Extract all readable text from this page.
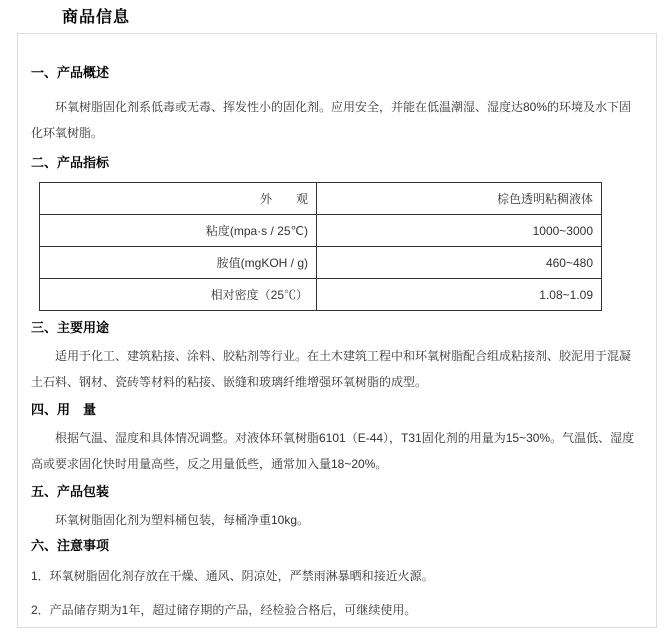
商品信息
一、产品概述

环氧树脂固化剂系低毒或无毒、挥发性小的固化剂。应用安全，并能在低温潮湿、湿度达80%的环境及水下固化环氧树脂。

二、产品指标
外　　观	棕色透明粘稠液体
粘度(mpa·s / 25℃)	1000~3000
胺值(mgKOH / g)	460~480
相对密度（25℃）	1.08~1.09
三、主要用途

适用于化工、建筑粘接、涂料、胶粘剂等行业。在土木建筑工程中和环氧树脂配合组成粘接剂、胶泥用于混凝土石料、钢材、瓷砖等材料的粘接、嵌缝和玻璃纤维增强环氧树脂的成型。

四、用　量

根据气温、湿度和具体情况调整。对液体环氧树脂6101（E-44），T31固化剂的用量为15~30%。气温低、湿度高或要求固化快时用量高些，反之用量低些，通常加入量18~20%。

五、产品包装

环氧树脂固化剂为塑料桶包装，每桶净重10kg。

六、注意事项

1．环氧树脂固化剂存放在干燥、通风、阴凉处，严禁雨淋暴晒和接近火源。

2．产品储存期为1年，超过储存期的产品，经检验合格后，可继续使用。
